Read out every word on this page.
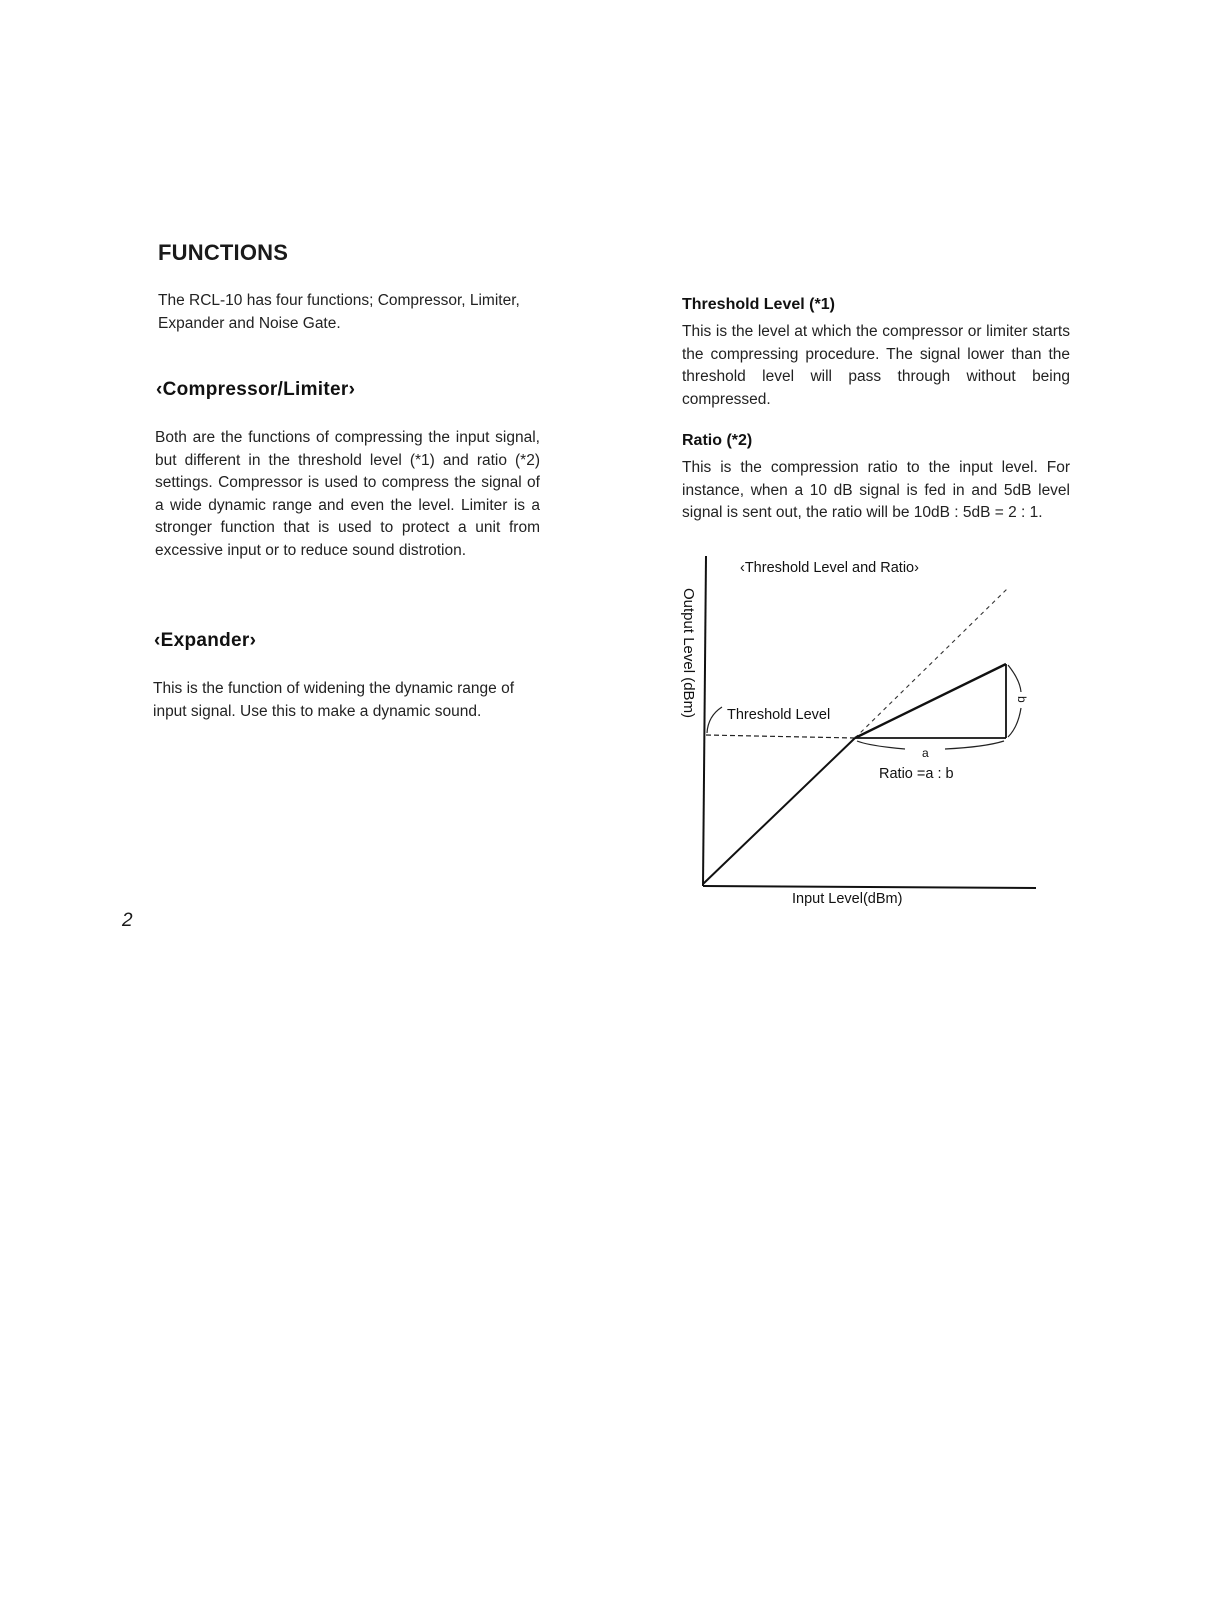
FUNCTIONS
The RCL-10 has four functions; Compressor, Limiter, Expander and Noise Gate.
‹Compressor/Limiter›
Both are the functions of compressing the input signal, but different in the threshold level (*1) and ratio (*2) settings. Compressor is used to compress the signal of a wide dynamic range and even the level. Limiter is a stronger function that is used to protect a unit from excessive input or to reduce sound distrotion.
‹Expander›
This is the function of widening the dynamic range of input signal. Use this to make a dynamic sound.
Threshold Level (*1)
This is the level at which the compressor or limiter starts the compressing procedure. The signal lower than the threshold level will pass through without being compressed.
Ratio (*2)
This is the compression ratio to the input level. For instance, when a 10 dB signal is fed in and 5dB level signal is sent out, the ratio will be 10dB : 5dB = 2 : 1.
‹Threshold Level and Ratio›
Output Level (dBm)
Input Level(dBm)
Threshold Level
a
b
Ratio =a : b
2
